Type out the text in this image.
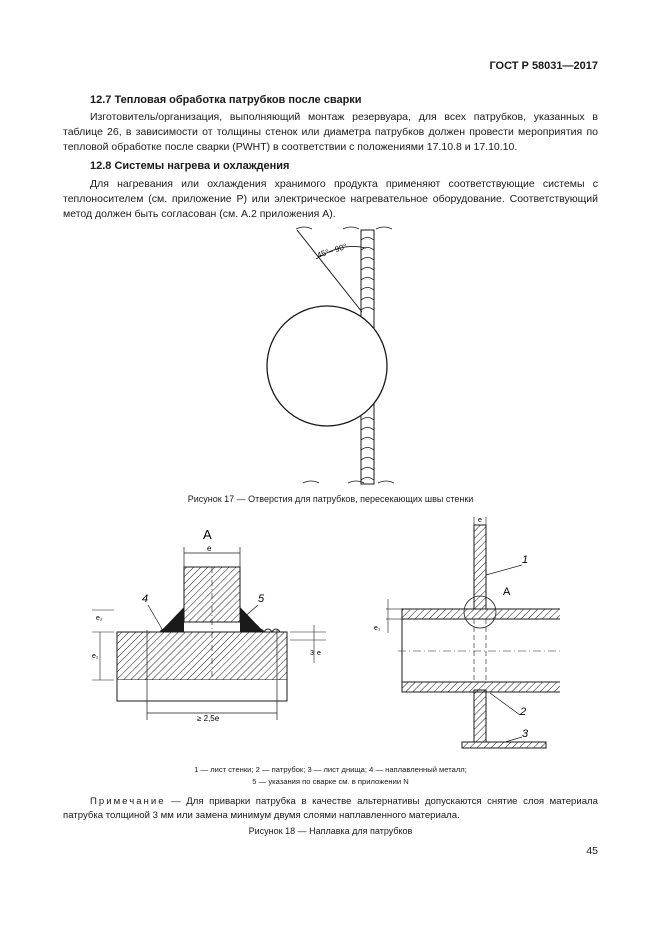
ГОСТ Р 58031—2017
12.7 Тепловая обработка патрубков после сварки
Изготовитель/организация, выполняющий монтаж резервуара, для всех патрубков, указанных в таблице 26, в зависимости от толщины стенок или диаметра патрубков должен провести мероприятия по тепловой обработке после сварки (PWHT) в соответствии с положениями 17.10.8 и 17.10.10.
12.8 Системы нагрева и охлаждения
Для нагревания или охлаждения хранимого продукта применяют соответствующие системы с теплоносителем (см. приложение Р) или электрическое нагревательное оборудование. Соответствующий метод должен быть согласован (см. А.2 приложения А).
45°– 90°
Рисунок 17 — Отверстия для патрубков, пересекающих швы стенки
≥ 2,5e
e
A
e₂
e₁	3 e
4	5
A
e
e₁
1
2
3
1 — лист стенки; 2 — патрубок; 3 — лист днища; 4 — наплавленный металл;
5 — указания по сварке см. в приложении N
Примечание — Для приварки патрубка в качестве альтернативы допускаются снятие слоя материала патрубка толщиной 3 мм или замена минимум двумя слоями наплавленного материала.
Рисунок 18 — Наплавка для патрубков
45
